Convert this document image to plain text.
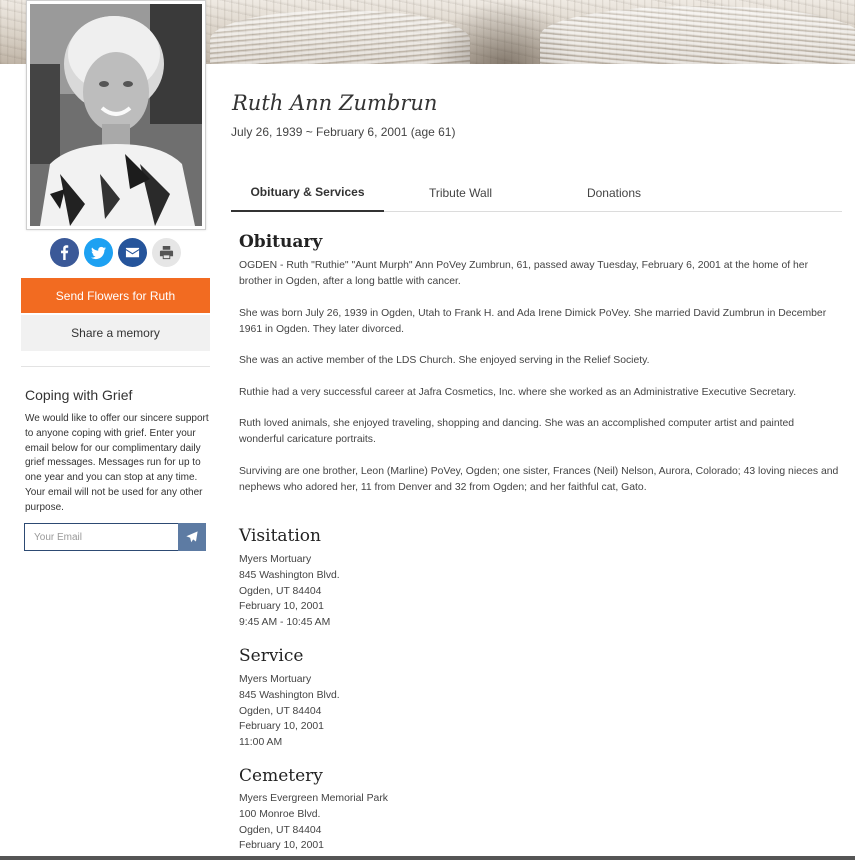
Send Flowers for Ruth
Share a memory
Coping with Grief
We would like to offer our sincere support to anyone coping with grief. Enter your email below for our complimentary daily grief messages. Messages run for up to one year and you can stop at any time. Your email will not be used for any other purpose.
Your Email
Ruth Ann Zumbrun
July 26, 1939 ~ February 6, 2001 (age 61)
Obituary & Services	Tribute Wall	Donations
Obituary
OGDEN - Ruth "Ruthie" "Aunt Murph" Ann PoVey Zumbrun, 61, passed away Tuesday, February 6, 2001 at the home of her brother in Ogden, after a long battle with cancer.
She was born July 26, 1939 in Ogden, Utah to Frank H. and Ada Irene Dimick PoVey. She married David Zumbrun in December 1961 in Ogden. They later divorced.
She was an active member of the LDS Church. She enjoyed serving in the Relief Society.
Ruthie had a very successful career at Jafra Cosmetics, Inc. where she worked as an Administrative Executive Secretary.
Ruth loved animals, she enjoyed traveling, shopping and dancing. She was an accomplished computer artist and painted wonderful caricature portraits.
Surviving are one brother, Leon (Marline) PoVey, Ogden; one sister, Frances (Neil) Nelson, Aurora, Colorado; 43 loving nieces and nephews who adored her, 11 from Denver and 32 from Ogden; and her faithful cat, Gato.
Visitation
Myers Mortuary
845 Washington Blvd.
Ogden, UT 84404
February 10, 2001
9:45 AM - 10:45 AM
Service
Myers Mortuary
845 Washington Blvd.
Ogden, UT 84404
February 10, 2001
11:00 AM
Cemetery
Myers Evergreen Memorial Park
100 Monroe Blvd.
Ogden, UT 84404
February 10, 2001
